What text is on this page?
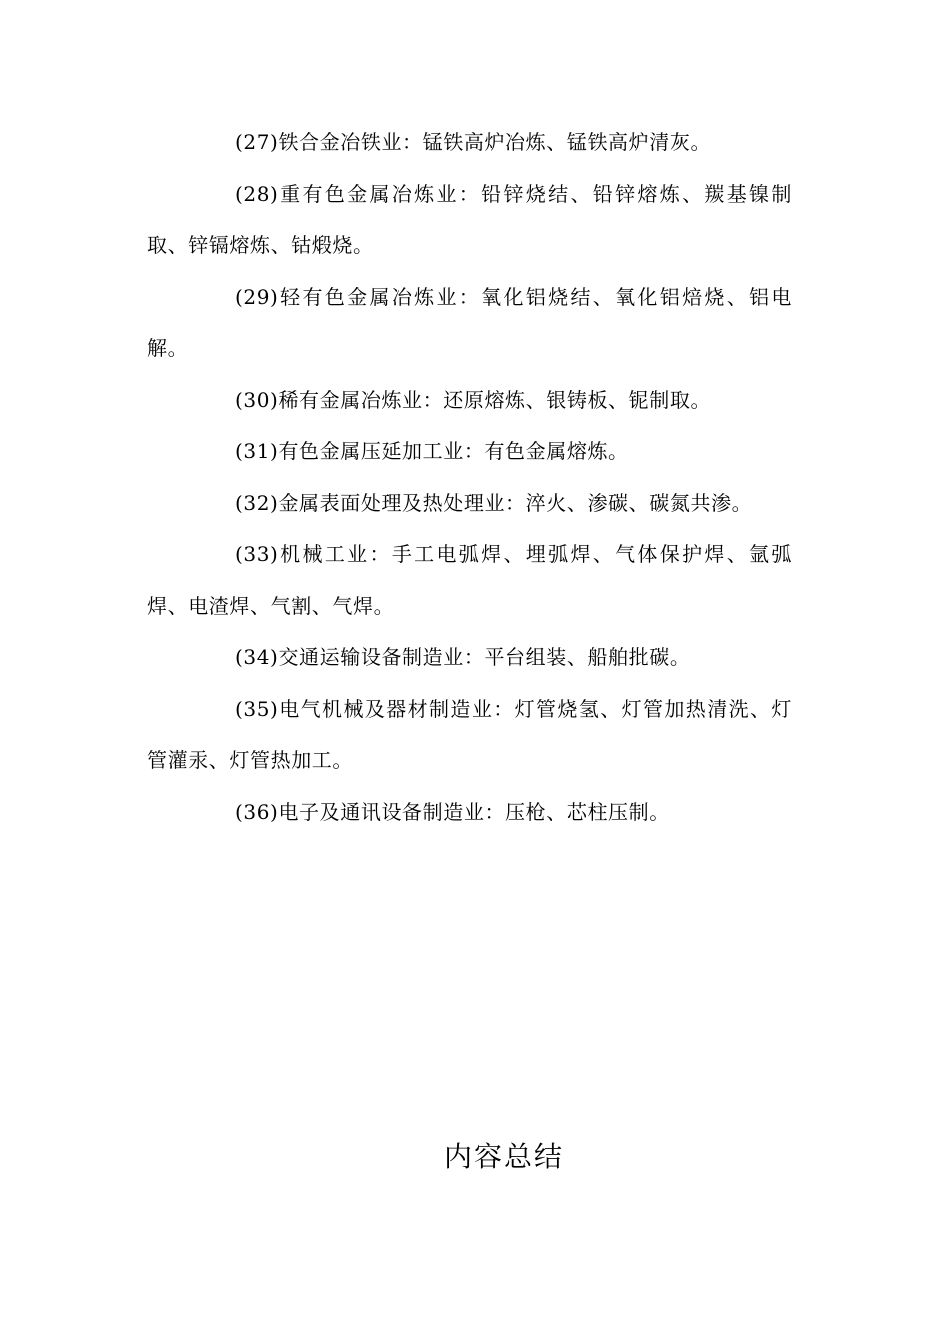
(27)铁合金冶铁业：锰铁高炉冶炼、锰铁高炉清灰。

(28)重有色金属冶炼业：铅锌烧结、铅锌熔炼、羰基镍制取、锌镉熔炼、钴煅烧。

(29)轻有色金属冶炼业：氧化铝烧结、氧化铝焙烧、铝电解。

(30)稀有金属冶炼业：还原熔炼、银铸板、铌制取。

(31)有色金属压延加工业：有色金属熔炼。

(32)金属表面处理及热处理业：淬火、渗碳、碳氮共渗。

(33)机械工业：手工电弧焊、埋弧焊、气体保护焊、氩弧焊、电渣焊、气割、气焊。

(34)交通运输设备制造业：平台组装、船舶批碳。

(35)电气机械及器材制造业：灯管烧氢、灯管加热清洗、灯管灌汞、灯管热加工。

(36)电子及通讯设备制造业：压枪、芯柱压制。

内容总结
